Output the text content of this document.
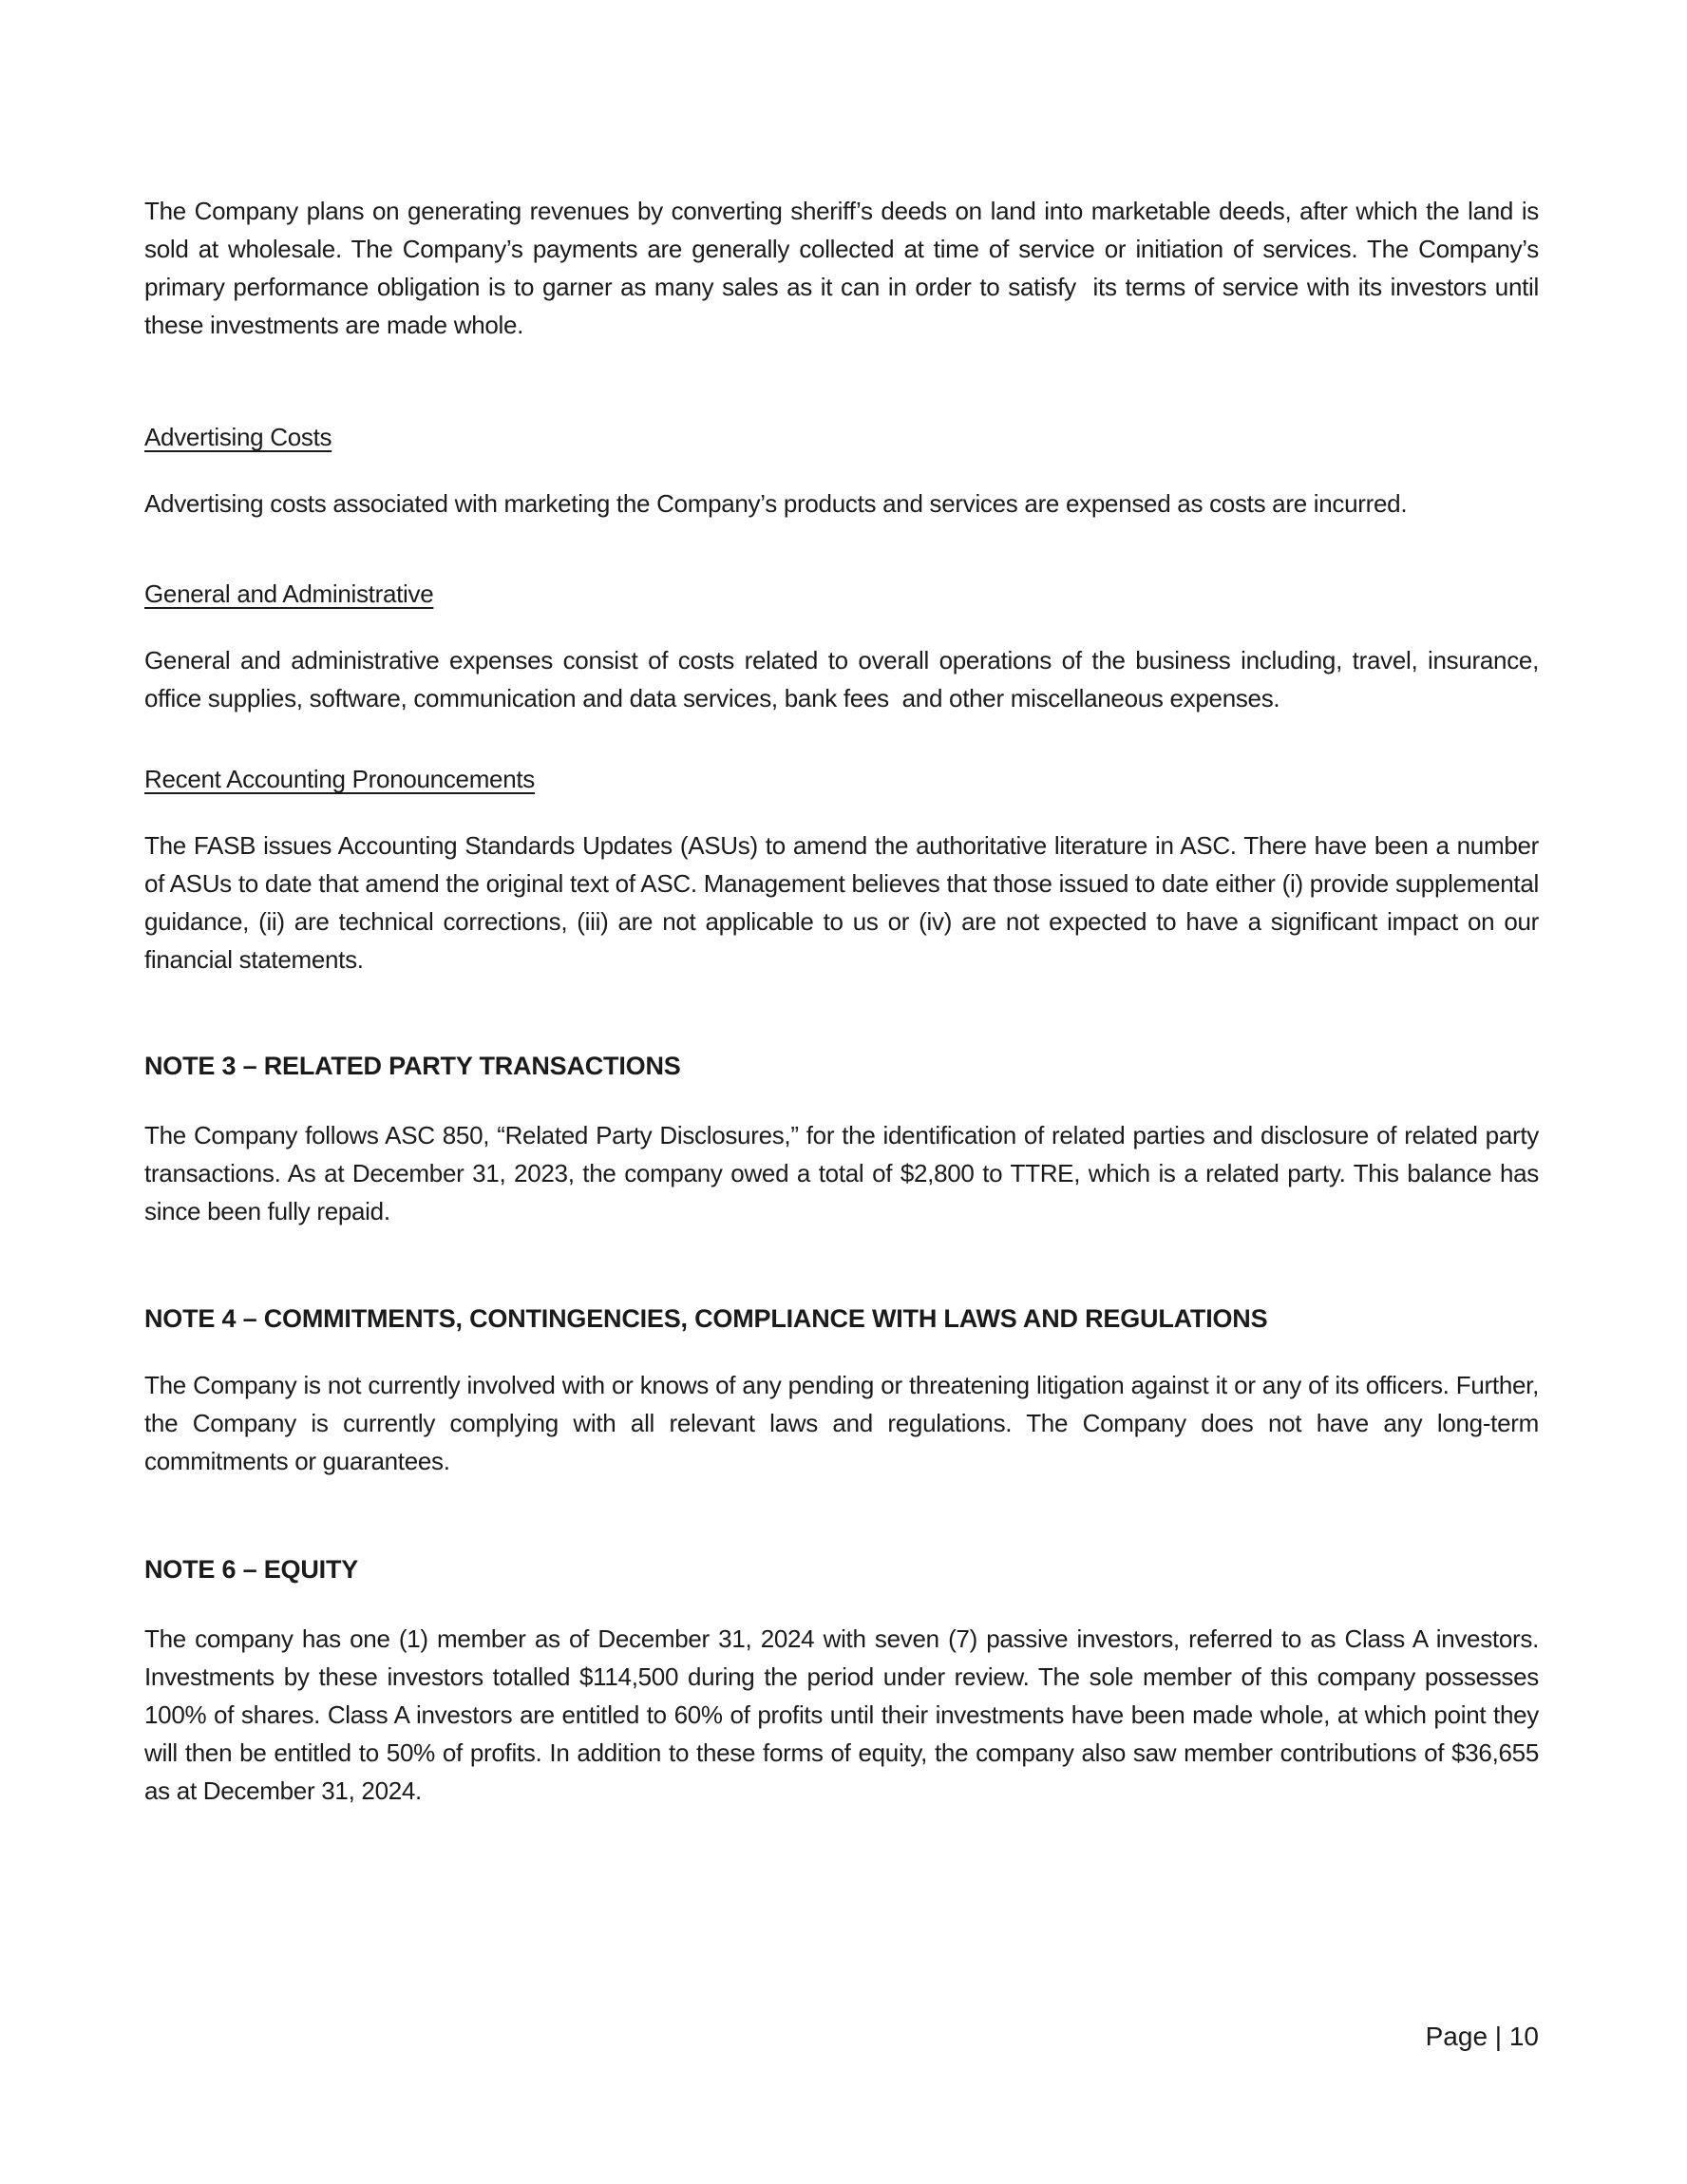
The Company plans on generating revenues by converting sheriff’s deeds on land into marketable deeds, after which the land is sold at wholesale. The Company’s payments are generally collected at time of service or initiation of services. The Company’s primary performance obligation is to garner as many sales as it can in order to satisfy  its terms of service with its investors until these investments are made whole.

Advertising Costs

Advertising costs associated with marketing the Company’s products and services are expensed as costs are incurred.

General and Administrative

General and administrative expenses consist of costs related to overall operations of the business including, travel, insurance, office supplies, software, communication and data services, bank fees  and other miscellaneous expenses.

Recent Accounting Pronouncements

The FASB issues Accounting Standards Updates (ASUs) to amend the authoritative literature in ASC. There have been a number of ASUs to date that amend the original text of ASC. Management believes that those issued to date either (i) provide supplemental guidance, (ii) are technical corrections, (iii) are not applicable to us or (iv) are not expected to have a significant impact on our financial statements.

NOTE 3 – RELATED PARTY TRANSACTIONS

The Company follows ASC 850, “Related Party Disclosures,” for the identification of related parties and disclosure of related party transactions. As at December 31, 2023, the company owed a total of $2,800 to TTRE, which is a related party. This balance has since been fully repaid.

NOTE 4 – COMMITMENTS, CONTINGENCIES, COMPLIANCE WITH LAWS AND REGULATIONS

The Company is not currently involved with or knows of any pending or threatening litigation against it or any of its officers. Further, the Company is currently complying with all relevant laws and regulations. The Company does not have any long-term commitments or guarantees.

NOTE 6 – EQUITY

The company has one (1) member as of December 31, 2024 with seven (7) passive investors, referred to as Class A investors. Investments by these investors totalled $114,500 during the period under review. The sole member of this company possesses 100% of shares. Class A investors are entitled to 60% of profits until their investments have been made whole, at which point they will then be entitled to 50% of profits. In addition to these forms of equity, the company also saw member contributions of $36,655 as at December 31, 2024.

Page | 10
